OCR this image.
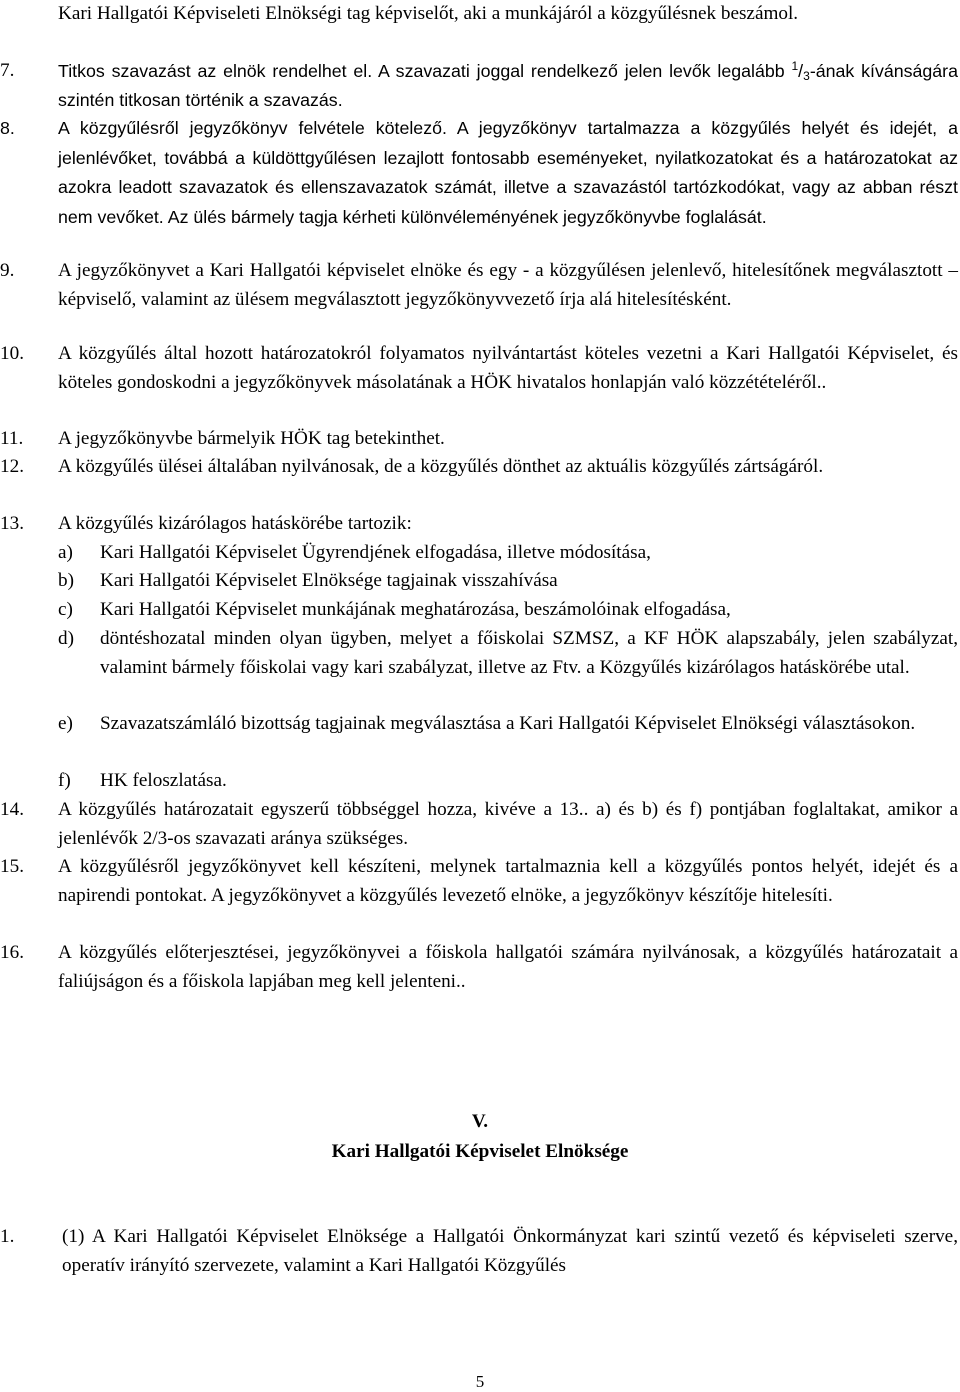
Kari Hallgatói Képviseleti Elnökségi tag képviselőt, aki a munkájáról a közgyűlésnek beszámol.
7. Titkos szavazást az elnök rendelhet el. A szavazati joggal rendelkező jelen levők legalább $^1$/3-ának kívánságára szintén titkosan történik a szavazás.
8. A közgyűlésről jegyzőkönyv felvétele kötelező. A jegyzőkönyv tartalmazza a közgyűlés helyét és idejét, a jelenlévőket, továbbá a küldöttgyűlésen lezajlott fontosabb eseményeket, nyilatkozatokat és a határozatokat az azokra leadott szavazatok és ellenszavazatok számát, illetve a szavazástól tartózkodókat, vagy az abban részt nem vevőket. Az ülés bármely tagja kérheti különvéleményének jegyzőkönyvbe foglalását.
9. A jegyzőkönyvet a Kari Hallgatói képviselet elnöke és egy - a közgyűlésen jelenlevő, hitelesítőnek megválasztott – képviselő, valamint az ülésem megválasztott jegyzőkönyvvezető írja alá hitelesítésként.
10. A közgyűlés által hozott határozatokról folyamatos nyilvántartást köteles vezetni a Kari Hallgatói Képviselet, és köteles gondoskodni a jegyzőkönyvek másolatának a HÖK hivatalos honlapján való közzétételéről..
11. A jegyzőkönyvbe bármelyik HÖK tag betekinthet.
12. A közgyűlés ülései általában nyilvánosak, de a közgyűlés dönthet az aktuális közgyűlés zártságáról.
13. A közgyűlés kizárólagos hatáskörébe tartozik:
a) Kari Hallgatói Képviselet Ügyrendjének elfogadása, illetve módosítása,
b) Kari Hallgatói Képviselet Elnöksége tagjainak visszahívása
c) Kari Hallgatói Képviselet munkájának meghatározása, beszámolóinak elfogadása,
d) döntéshozatal minden olyan ügyben, melyet a főiskolai SZMSZ, a KF HÖK alapszabály, jelen szabályzat, valamint bármely főiskolai vagy kari szabályzat, illetve az Ftv. a Közgyűlés kizárólagos hatáskörébe utal.
e) Szavazatszámláló bizottság tagjainak megválasztása a Kari Hallgatói Képviselet Elnökségi választásokon.
f) HK feloszlatása.
14. A közgyűlés határozatait egyszerű többséggel hozza, kivéve a 13.. a) és b) és f) pontjában foglaltakat, amikor a jelenlévők 2/3-os szavazati aránya szükséges.
15. A közgyűlésről jegyzőkönyvet kell készíteni, melynek tartalmaznia kell a közgyűlés pontos helyét, idejét és a napirendi pontokat. A jegyzőkönyvet a közgyűlés levezető elnöke, a jegyzőkönyv készítője hitelesíti.
16. A közgyűlés előterjesztései, jegyzőkönyvei a főiskola hallgatói számára nyilvánosak, a közgyűlés határozatait a faliújságon és a főiskola lapjában meg kell jelenteni..
V.
Kari Hallgatói Képviselet Elnöksége
1. (1) A Kari Hallgatói Képviselet Elnöksége a Hallgatói Önkormányzat kari szintű vezető és képviseleti szerve, operatív irányító szervezete, valamint a Kari Hallgatói Közgyűlés
5
